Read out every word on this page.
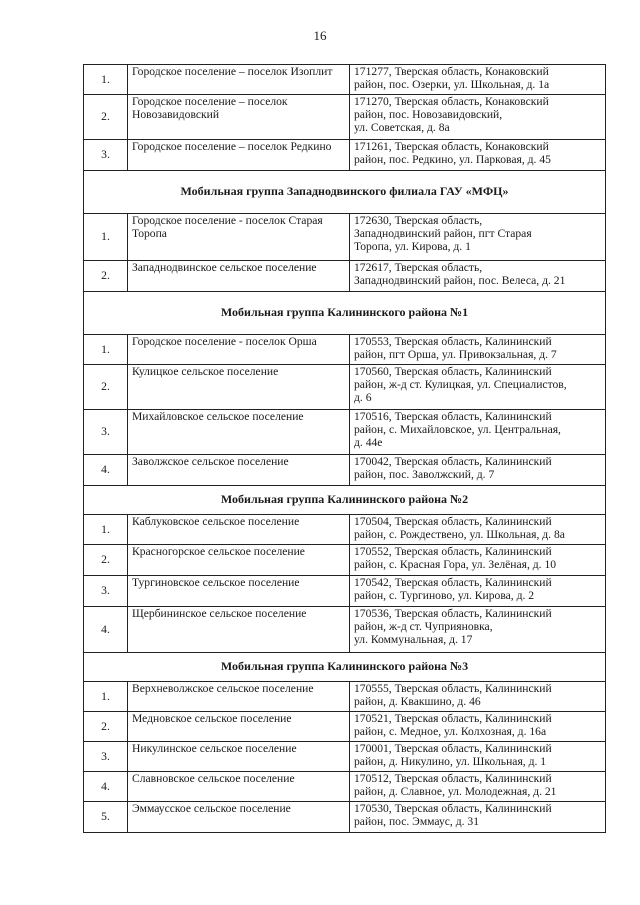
16
1.	Городское поселение – поселок Изоплит	171277, Тверская область, Конаковский
район, пос. Озерки, ул. Школьная, д. 1а
2.	Городское поселение – поселок Новозавидовский	171270, Тверская область, Конаковский
район, пос. Новозавидовский,
ул. Советская, д. 8а
3.	Городское поселение – поселок Редкино	171261, Тверская область, Конаковский
район, пос. Редкино, ул. Парковая, д. 45
Мобильная группа Западнодвинского филиала ГАУ «МФЦ»		
1.	Городское поселение - поселок Старая Торопа	172630, Тверская область,
Западнодвинский район, пгт Старая
Торопа, ул. Кирова, д. 1
2.	Западнодвинское сельское поселение	172617, Тверская область,
Западнодвинский район, пос. Велеса, д. 21
Мобильная группа Калининского района №1		
1.	Городское поселение - поселок Орша	170553, Тверская область, Калининский
район, пгт Орша, ул. Привокзальная, д. 7
2.	Кулицкое сельское поселение	170560, Тверская область, Калининский
район, ж-д ст. Кулицкая, ул. Специалистов,
д. 6
3.	Михайловское сельское поселение	170516, Тверская область, Калининский
район, с. Михайловское, ул. Центральная,
д. 44е
4.	Заволжское сельское поселение	170042, Тверская область, Калининский
район, пос. Заволжский, д. 7
Мобильная группа Калининского района №2		
1.	Каблуковское сельское поселение	170504, Тверская область, Калининский
район, с. Рождествено, ул. Школьная, д. 8а
2.	Красногорское сельское поселение	170552, Тверская область, Калининский
район, с. Красная Гора, ул. Зелёная, д. 10
3.	Тургиновское сельское поселение	170542, Тверская область, Калининский
район, с. Тургиново, ул. Кирова, д. 2
4.	Щербининское сельское поселение	170536, Тверская область, Калининский
район, ж-д ст. Чуприяновка,
ул. Коммунальная, д. 17
Мобильная группа Калининского района №3		
1.	Верхневолжское сельское поселение	170555, Тверская область, Калининский
район, д. Квакшино, д. 46
2.	Медновское сельское поселение	170521, Тверская область, Калининский
район, с. Медное, ул. Колхозная, д. 16а
3.	Никулинское сельское поселение	170001, Тверская область, Калининский
район, д. Никулино, ул. Школьная, д. 1
4.	Славновское сельское поселение	170512, Тверская область, Калининский
район, д. Славное, ул. Молодежная, д. 21
5.	Эммаусское сельское поселение	170530, Тверская область, Калининский
район, пос. Эммаус, д. 31
